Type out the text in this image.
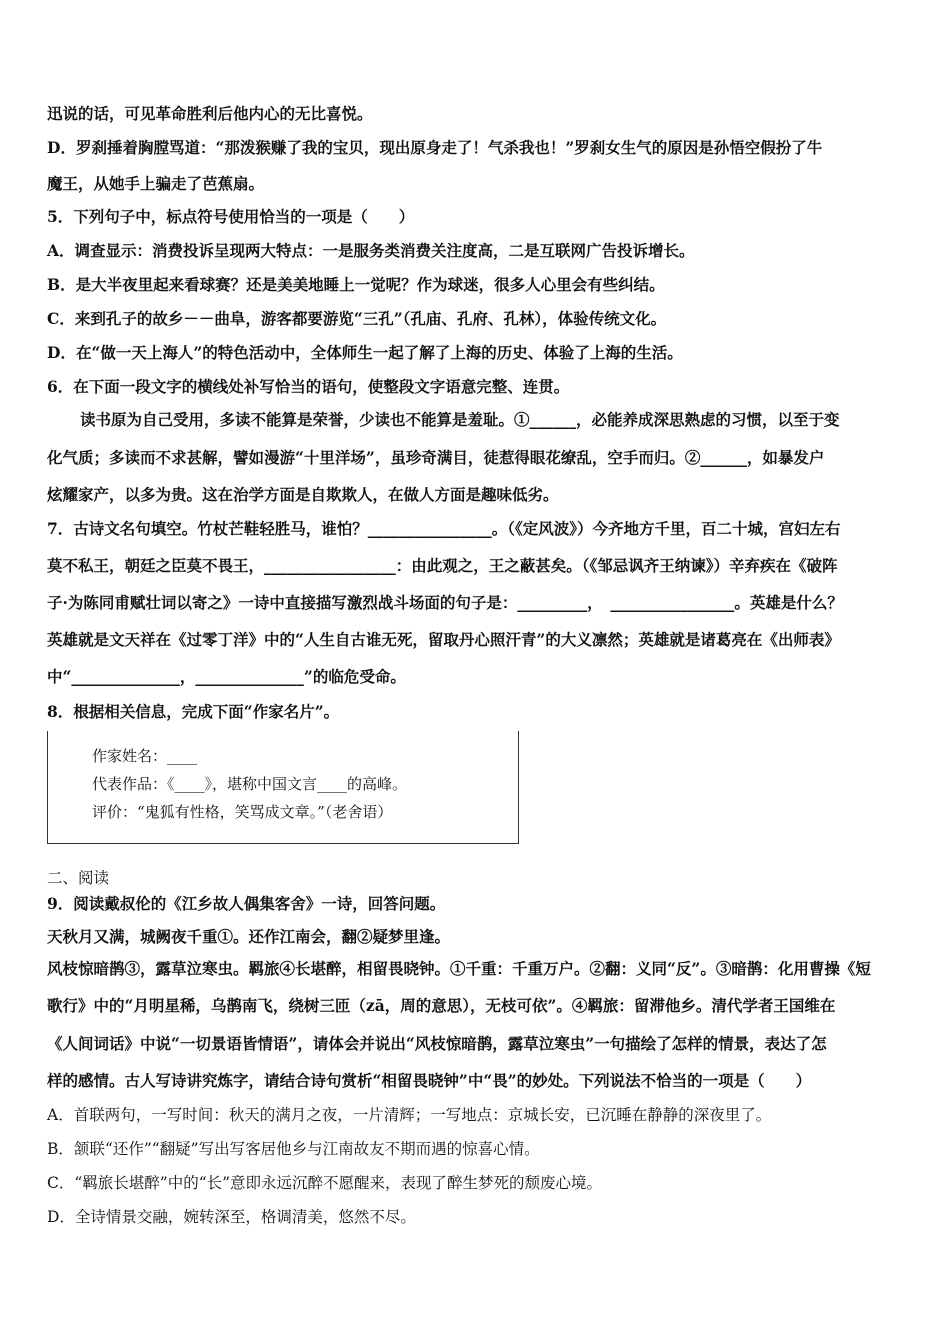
迅说的话，可见革命胜利后他内心的无比喜悦。
D．罗刹捶着胸膛骂道：“那泼猴赚了我的宝贝，现出原身走了！气杀我也！”罗刹女生气的原因是孙悟空假扮了牛
魔王，从她手上骗走了芭蕉扇。
5．下列句子中，标点符号使用恰当的一项是（　　）
A．调查显示：消费投诉呈现两大特点：一是服务类消费关注度高，二是互联网广告投诉增长。
B．是大半夜里起来看球赛？还是美美地睡上一觉呢？作为球迷，很多人心里会有些纠结。
C．来到孔子的故乡－－曲阜，游客都要游览“三孔”（孔庙、孔府、孔林），体验传统文化。
D．在“做一天上海人”的特色活动中，全体师生一起了解了上海的历史、体验了上海的生活。
6．在下面一段文字的横线处补写恰当的语句，使整段文字语意完整、连贯。
读书原为自己受用，多读不能算是荣誉，少读也不能算是羞耻。①______，必能养成深思熟虑的习惯，以至于变
化气质；多读而不求甚解，譬如漫游“十里洋场”，虽珍奇满目，徒惹得眼花缭乱，空手而归。②______，如暴发户
炫耀家产，以多为贵。这在治学方面是自欺欺人，在做人方面是趣味低劣。
7．古诗文名句填空。竹杖芒鞋轻胜马，谁怕？________________。（《定风波》）今齐地方千里，百二十城，宫妇左右
莫不私王，朝廷之臣莫不畏王，_________________：由此观之，王之蔽甚矣。（《邹忌讽齐王纳谏》）辛弃疾在《破阵
子·为陈同甫赋壮词以寄之》一诗中直接描写激烈战斗场面的句子是：_________，　________________。英雄是什么？
英雄就是文天祥在《过零丁洋》中的“人生自古谁无死，留取丹心照汗青”的大义凛然；英雄就是诸葛亮在《出师表》
中“______________，______________”的临危受命。
8．根据相关信息，完成下面“作家名片”。
作家姓名：____
代表作品：《____》，堪称中国文言____的高峰。
评价：“鬼狐有性格，笑骂成文章。”（老舍语）
二、阅读
9．阅读戴叔伦的《江乡故人偶集客舍》一诗，回答问题。
天秋月又满，城阙夜千重①。还作江南会，翻②疑梦里逢。
风枝惊暗鹊③，露草泣寒虫。羁旅④长堪醉，相留畏晓钟。①千重：千重万户。②翻：义同“反”。③暗鹊：化用曹操《短
歌行》中的“月明星稀，乌鹊南飞，绕树三匝（zā，周的意思），无枝可依”。④羁旅：留滞他乡。清代学者王国维在
《人间词话》中说“一切景语皆情语”，请体会并说出“风枝惊暗鹊，露草泣寒虫”一句描绘了怎样的情景，表达了怎
样的感情。古人写诗讲究炼字，请结合诗句赏析“相留畏晓钟”中“畏”的妙处。下列说法不恰当的一项是（　　）
A．首联两句，一写时间：秋天的满月之夜，一片清辉；一写地点：京城长安，已沉睡在静静的深夜里了。
B．颔联“还作”“翻疑”写出写客居他乡与江南故友不期而遇的惊喜心情。
C．“羁旅长堪醉”中的“长”意即永远沉醉不愿醒来，表现了醉生梦死的颓废心境。
D．全诗情景交融，婉转深至，格调清美，悠然不尽。
